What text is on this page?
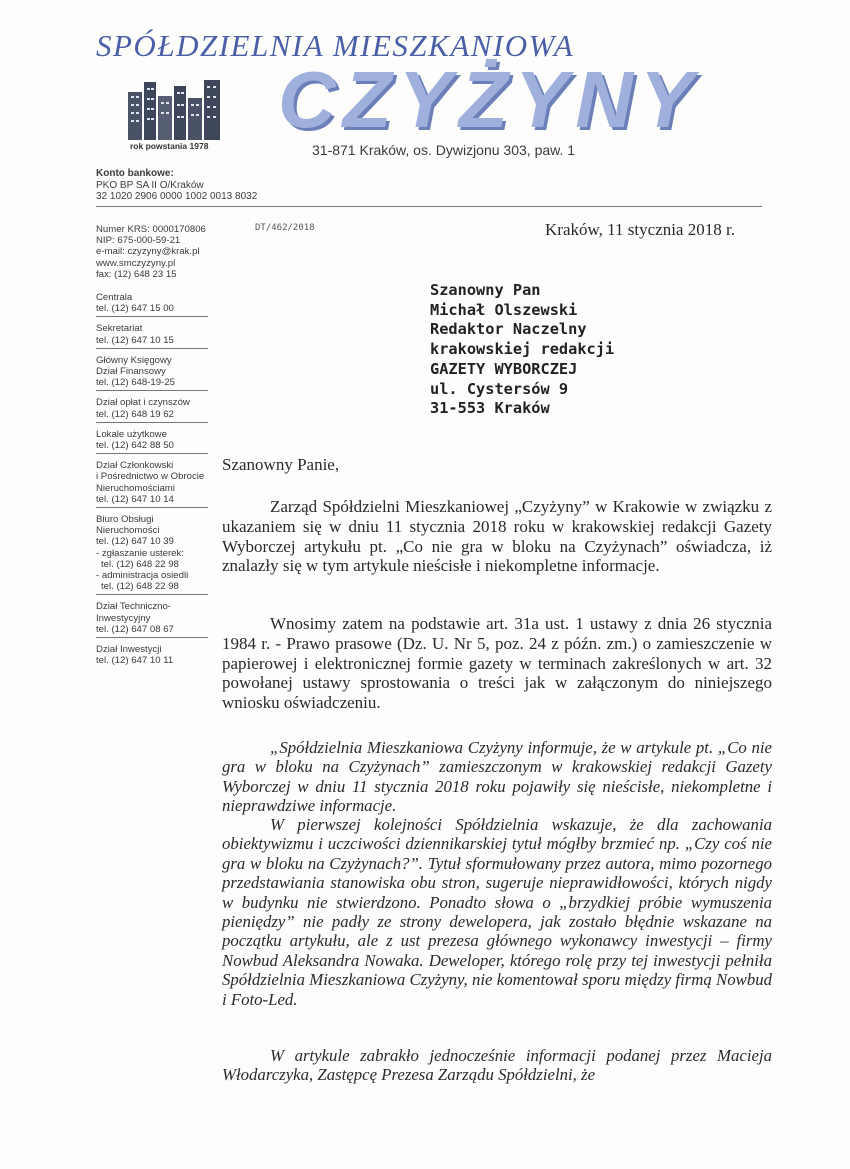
SPÓŁDZIELNIA MIESZKANIOWA
rok powstania 1978
CZYŻYNY
31-871 Kraków, os. Dywizjonu 303, paw. 1
Konto bankowe:
PKO BP SA II O/Kraków
32 1020 2906 0000 1002 0013 8032
Numer KRS: 0000170806
NIP: 675-000-59-21
e-mail: czyzyny@krak.pl
www.smczyzyny.pl
fax: (12) 648 23 15
Centrala
tel. (12) 647 15 00
Sekretariat
tel. (12) 647 10 15
Główny Księgowy
Dział Finansowy
tel. (12) 648-19-25
Dział opłat i czynszów
tel. (12) 648 19 62
Lokale użytkowe
tel. (12) 642 88 50
Dział Członkowski
i Pośrednictwo w Obrocie
Nieruchomościami
tel. (12) 647 10 14
Biuro Obsługi
Nieruchomości
tel. (12) 647 10 39
- zgłaszanie usterek:
tel. (12) 648 22 98
- administracja osiedli
tel. (12) 648 22 98
Dział Techniczno-
Inwestycyjny
tel. (12) 647 08 67
Dział Inwestycji
tel. (12) 647 10 11
DT/462/2018	Kraków, 11 stycznia 2018 r.
Szanowny Pan
Michał Olszewski
Redaktor Naczelny
krakowskiej redakcji
GAZETY WYBORCZEJ
ul. Cystersów 9
31-553 Kraków
Szanowny Panie,

Zarząd Spółdzielni Mieszkaniowej „Czyżyny” w Krakowie w związku z ukazaniem się w dniu 11 stycznia 2018 roku w krakowskiej redakcji Gazety Wyborczej artykułu pt. „Co nie gra w bloku na Czyżynach” oświadcza, iż znalazły się w tym artykule nieścisłe i niekompletne informacje.

Wnosimy zatem na podstawie art. 31a ust. 1 ustawy z dnia 26 stycznia 1984 r. - Prawo prasowe (Dz. U. Nr 5, poz. 24 z późn. zm.) o zamieszczenie w papierowej i elektronicznej formie gazety w terminach zakreślonych w art. 32 powołanej ustawy sprostowania o treści jak w załączonym do niniejszego wniosku oświadczeniu.

„Spółdzielnia Mieszkaniowa Czyżyny informuje, że w artykule pt. „Co nie gra w bloku na Czyżynach” zamieszczonym w krakowskiej redakcji Gazety Wyborczej w dniu 11 stycznia 2018 roku pojawiły się nieścisłe, niekompletne i nieprawdziwe informacje.

W pierwszej kolejności Spółdzielnia wskazuje, że dla zachowania obiektywizmu i uczciwości dziennikarskiej tytuł mógłby brzmieć np. „Czy coś nie gra w bloku na Czyżynach?”. Tytuł sformułowany przez autora, mimo pozornego przedstawiania stanowiska obu stron, sugeruje nieprawidłowości, których nigdy w budynku nie stwierdzono. Ponadto słowa o „brzydkiej próbie wymuszenia pieniędzy” nie padły ze strony dewelopera, jak zostało błędnie wskazane na początku artykułu, ale z ust prezesa głównego wykonawcy inwestycji – firmy Nowbud Aleksandra Nowaka. Deweloper, którego rolę przy tej inwestycji pełniła Spółdzielnia Mieszkaniowa Czyżyny, nie komentował sporu między firmą Nowbud i Foto-Led.

W artykule zabrakło jednocześnie informacji podanej przez Macieja Włodarczyka, Zastępcę Prezesa Zarządu Spółdzielni, że
